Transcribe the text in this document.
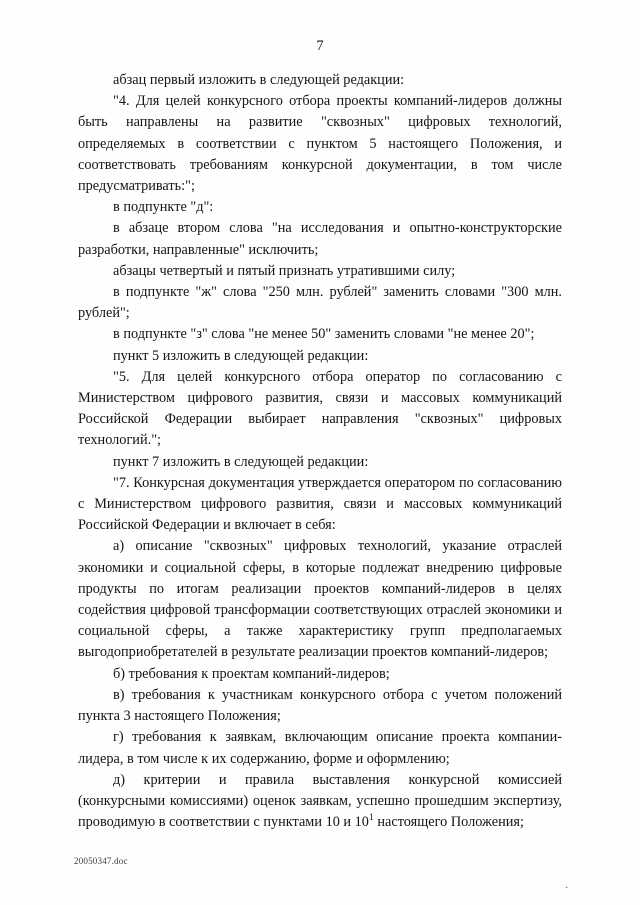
7

абзац первый изложить в следующей редакции:

"4. Для целей конкурсного отбора проекты компаний-лидеров должны быть направлены на развитие "сквозных" цифровых технологий, определяемых в соответствии с пунктом 5 настоящего Положения, и соответствовать требованиям конкурсной документации, в том числе предусматривать:";

в подпункте "д":

в абзаце втором слова "на исследования и опытно-конструкторские разработки, направленные" исключить;

абзацы четвертый и пятый признать утратившими силу;

в подпункте "ж" слова "250 млн. рублей" заменить словами "300 млн. рублей";

в подпункте "з" слова "не менее 50" заменить словами "не менее 20";

пункт 5 изложить в следующей редакции:

"5. Для целей конкурсного отбора оператор по согласованию с Министерством цифрового развития, связи и массовых коммуникаций Российской Федерации выбирает направления "сквозных" цифровых технологий.";

пункт 7 изложить в следующей редакции:

"7. Конкурсная документация утверждается оператором по согласованию с Министерством цифрового развития, связи и массовых коммуникаций Российской Федерации и включает в себя:

а) описание "сквозных" цифровых технологий, указание отраслей экономики и социальной сферы, в которые подлежат внедрению цифровые продукты по итогам реализации проектов компаний-лидеров в целях содействия цифровой трансформации соответствующих отраслей экономики и социальной сферы, а также характеристику групп предполагаемых выгодоприобретателей в результате реализации проектов компаний-лидеров;

б) требования к проектам компаний-лидеров;

в) требования к участникам конкурсного отбора с учетом положений пункта 3 настоящего Положения;

г) требования к заявкам, включающим описание проекта компании-лидера, в том числе к их содержанию, форме и оформлению;

д) критерии и правила выставления конкурсной комиссией (конкурсными комиссиями) оценок заявкам, успешно прошедшим экспертизу, проводимую в соответствии с пунктами 10 и $10^1$ настоящего Положения;

20050347.doc
.
